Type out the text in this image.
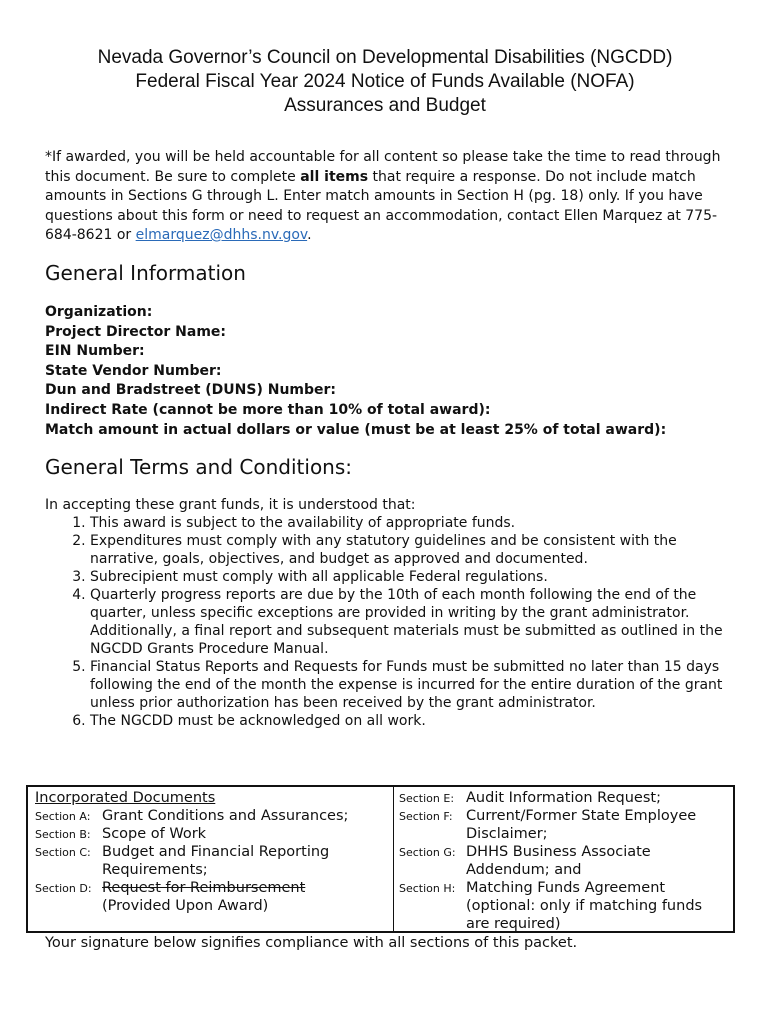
Nevada Governor’s Council on Developmental Disabilities (NGCDD)
Federal Fiscal Year 2024 Notice of Funds Available (NOFA)
Assurances and Budget
*If awarded, you will be held accountable for all content so please take the time to read through this document. Be sure to complete all items that require a response. Do not include match amounts in Sections G through L. Enter match amounts in Section H (pg. 18) only. If you have questions about this form or need to request an accommodation, contact Ellen Marquez at 775-684-8621 or elmarquez@dhhs.nv.gov.
General Information
Organization:
Project Director Name:
EIN Number:
State Vendor Number:
Dun and Bradstreet (DUNS) Number:
Indirect Rate (cannot be more than 10% of total award):
Match amount in actual dollars or value (must be at least 25% of total award):
General Terms and Conditions:
In accepting these grant funds, it is understood that:
1. This award is subject to the availability of appropriate funds.
2. Expenditures must comply with any statutory guidelines and be consistent with the narrative, goals, objectives, and budget as approved and documented.
3. Subrecipient must comply with all applicable Federal regulations.
4. Quarterly progress reports are due by the 10th of each month following the end of the quarter, unless specific exceptions are provided in writing by the grant administrator. Additionally, a final report and subsequent materials must be submitted as outlined in the NGCDD Grants Procedure Manual.
5. Financial Status Reports and Requests for Funds must be submitted no later than 15 days following the end of the month the expense is incurred for the entire duration of the grant unless prior authorization has been received by the grant administrator.
6. The NGCDD must be acknowledged on all work.
Incorporated Documents
Section A: Grant Conditions and Assurances;
Section B: Scope of Work
Section C: Budget and Financial Reporting Requirements;
Section D: Request for Reimbursement
(Provided Upon Award)
Section E: Audit Information Request;
Section F: Current/Former State Employee Disclaimer;
Section G: DHHS Business Associate Addendum; and
Section H: Matching Funds Agreement (optional: only if matching funds are required)
Your signature below signifies compliance with all sections of this packet.
